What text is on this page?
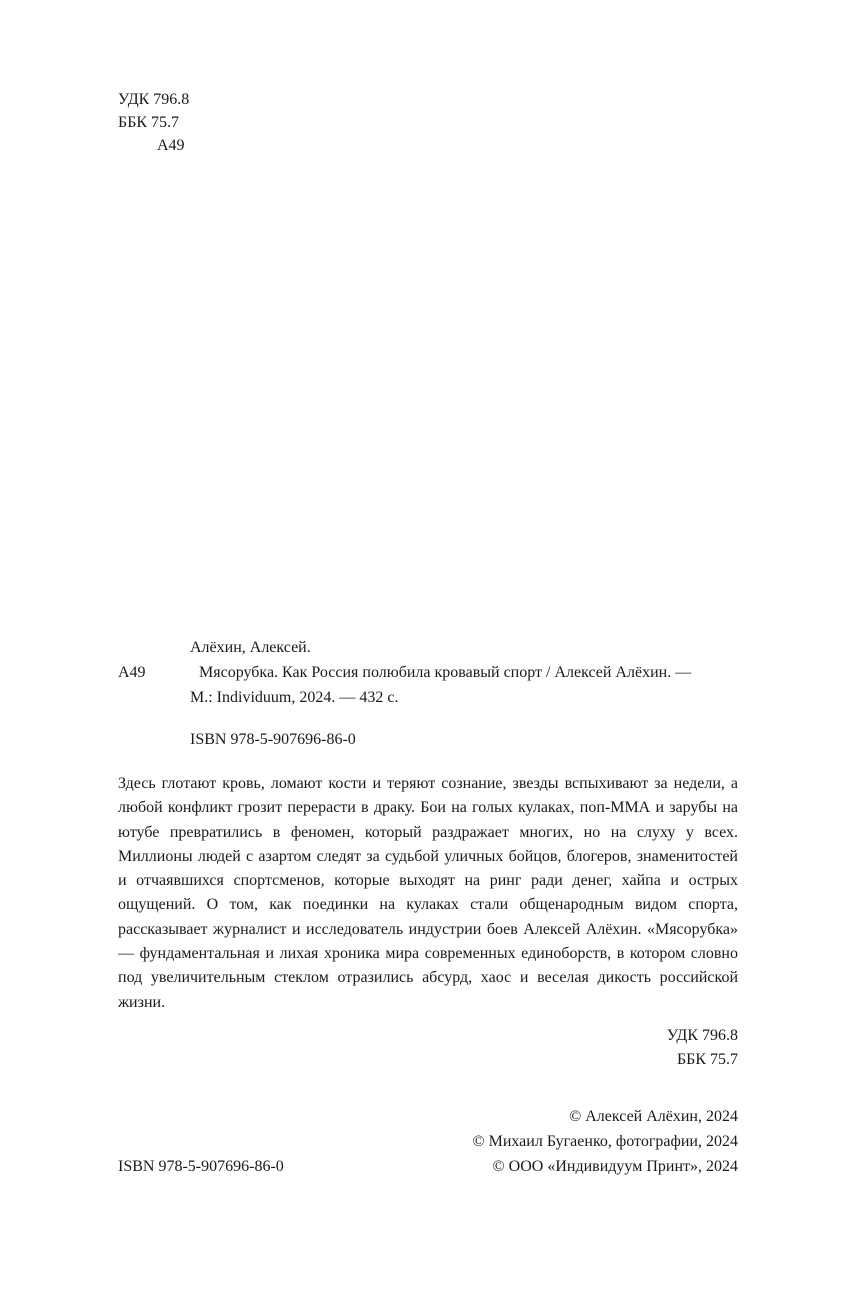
УДК 796.8
ББК 75.7
А49
Алёхин, Алексей.
А49	Мясорубка. Как Россия полюбила кровавый спорт / Алексей Алёхин. —
М.: Individuum, 2024. — 432 с.
ISBN 978-5-907696-86-0

Здесь глотают кровь, ломают кости и теряют сознание, звезды вспыхивают за недели, а любой конфликт грозит перерасти в драку. Бои на голых кулаках, поп-ММА и зарубы на ютубе превратились в феномен, который раздражает многих, но на слуху у всех. Миллионы людей с азартом следят за судьбой уличных бойцов, блогеров, знаменитостей и отчаявшихся спортсменов, которые выходят на ринг ради денег, хайпа и острых ощущений. О том, как поединки на кулаках стали общенародным видом спорта, рассказывает журналист и исследователь индустрии боев Алексей Алёхин. «Мясорубка» — фундаментальная и лихая хроника мира современных единоборств, в котором словно под увеличительным стеклом отразились абсурд, хаос и веселая дикость российской жизни.

УДК 796.8
ББК 75.7
© Алексей Алёхин, 2024
© Михаил Бугаенко, фотографии, 2024
© ООО «Индивидуум Принт», 2024
ISBN 978-5-907696-86-0
